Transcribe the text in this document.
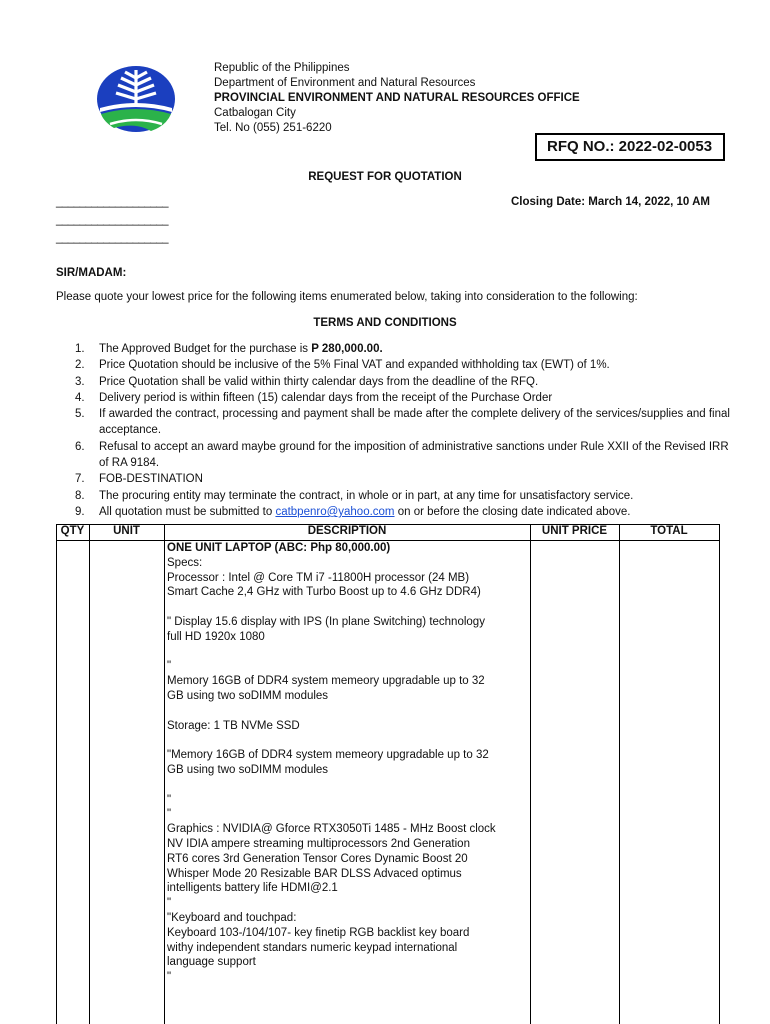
Republic of the Philippines
Department of Environment and Natural Resources
PROVINCIAL ENVIRONMENT AND NATURAL RESOURCES OFFICE
Catbalogan City
Tel. No (055) 251-6220
RFQ NO.: 2022-02-0053
REQUEST FOR QUOTATION
Closing Date: March 14, 2022, 10 AM
___________________
___________________
___________________
SIR/MADAM:
Please quote your lowest price for the following items enumerated below, taking into consideration to the following:
TERMS AND CONDITIONS
1.	The Approved Budget for the purchase is P 280,000.00.
2.	Price Quotation should be inclusive of the 5% Final VAT and expanded withholding tax (EWT) of 1%.
3.	Price Quotation shall be valid within thirty calendar days from the deadline of the RFQ.
4.	Delivery period is within fifteen (15) calendar days from the receipt of the Purchase Order
5.	If awarded the contract, processing and payment shall be made after the complete delivery of the services/supplies and final acceptance.
6.	Refusal to accept an award maybe ground for the imposition of administrative sanctions under Rule XXII of the Revised IRR of RA 9184.
7.	FOB-DESTINATION
8.	The procuring entity may terminate the contract, in whole or in part, at any time for unsatisfactory service.
9.	All quotation must be submitted to catbpenro@yahoo.com on or before the closing date indicated above.
QTY	UNIT	DESCRIPTION	UNIT PRICE	TOTAL
ONE UNIT LAPTOP (ABC: Php 80,000.00)
Specs:
Processor : Intel @ Core TM i7 -11800H processor (24 MB)
Smart Cache 2,4 GHz with Turbo Boost up to 4.6 GHz DDR4)
" Display 15.6 display with IPS (In plane Switching) technology
full HD 1920x 1080
"
Memory 16GB of DDR4 system memeory upgradable up to 32
GB using two soDIMM modules
Storage: 1 TB NVMe SSD
"Memory 16GB of DDR4 system memeory upgradable up to 32
GB using two soDIMM modules
"
"
Graphics : NVIDIA@ Gforce RTX3050Ti 1485 - MHz Boost clock
NV IDIA ampere streaming multiprocessors 2nd Generation
RT6 cores 3rd Generation Tensor Cores Dynamic Boost 20
Whisper Mode 20 Resizable BAR DLSS Advaced optimus
intelligents battery life HDMI@2.1
"
"Keyboard and touchpad:
Keyboard 103-/104/107- key finetip RGB backlist key board
withy independent standars numeric keypad international
language support
"
